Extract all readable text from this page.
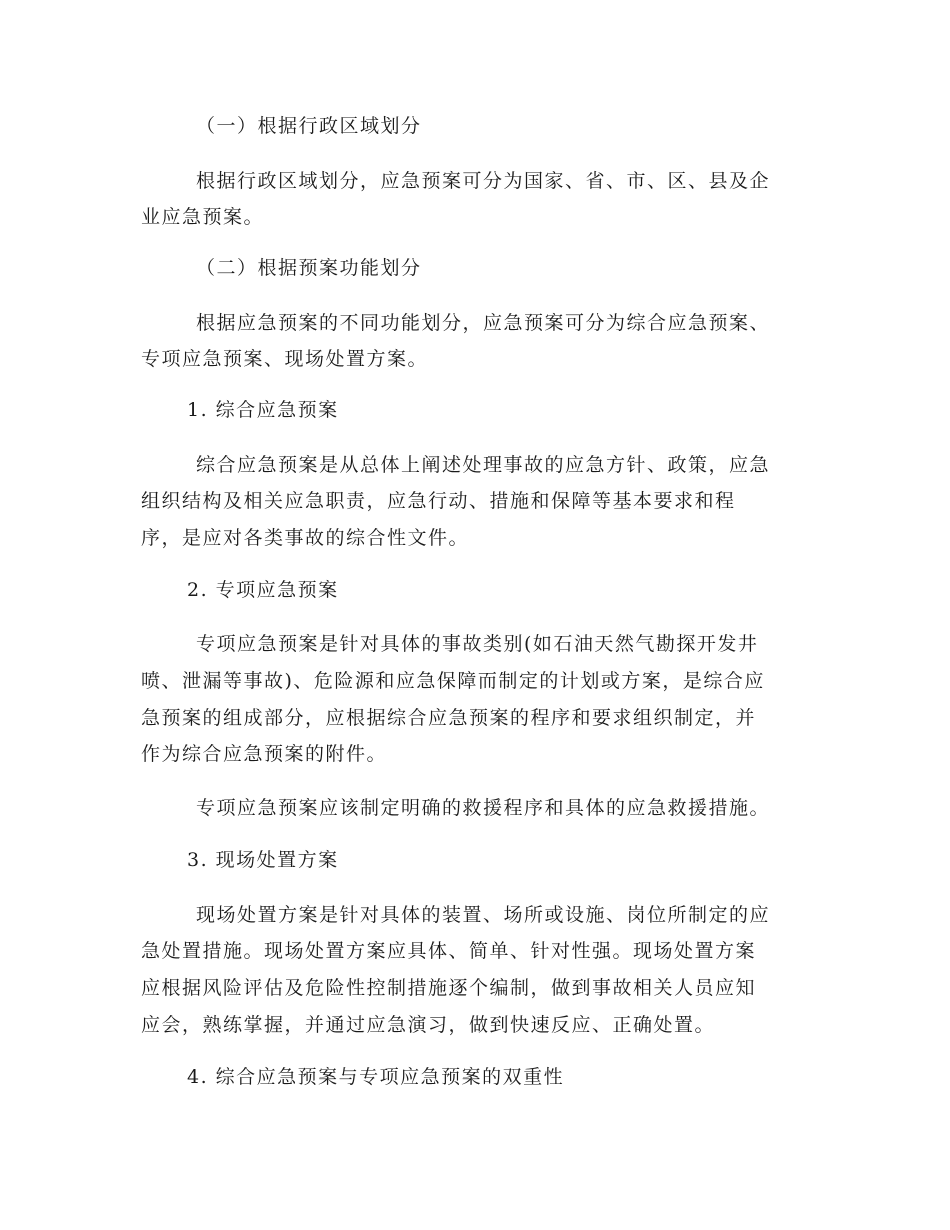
（一）根据行政区域划分
根据行政区域划分，应急预案可分为国家、省、市、区、县及企
业应急预案。
（二）根据预案功能划分
根据应急预案的不同功能划分，应急预案可分为综合应急预案、
专项应急预案、现场处置方案。
1. 综合应急预案
综合应急预案是从总体上阐述处理事故的应急方针、政策，应急
组织结构及相关应急职责，应急行动、措施和保障等基本要求和程
序，是应对各类事故的综合性文件。
2. 专项应急预案
专项应急预案是针对具体的事故类别(如石油天然气勘探开发井
喷、泄漏等事故)、危险源和应急保障而制定的计划或方案，是综合应
急预案的组成部分，应根据综合应急预案的程序和要求组织制定，并
作为综合应急预案的附件。
专项应急预案应该制定明确的救援程序和具体的应急救援措施。
3. 现场处置方案
现场处置方案是针对具体的装置、场所或设施、岗位所制定的应
急处置措施。现场处置方案应具体、简单、针对性强。现场处置方案
应根据风险评估及危险性控制措施逐个编制，做到事故相关人员应知
应会，熟练掌握，并通过应急演习，做到快速反应、正确处置。
4. 综合应急预案与专项应急预案的双重性
